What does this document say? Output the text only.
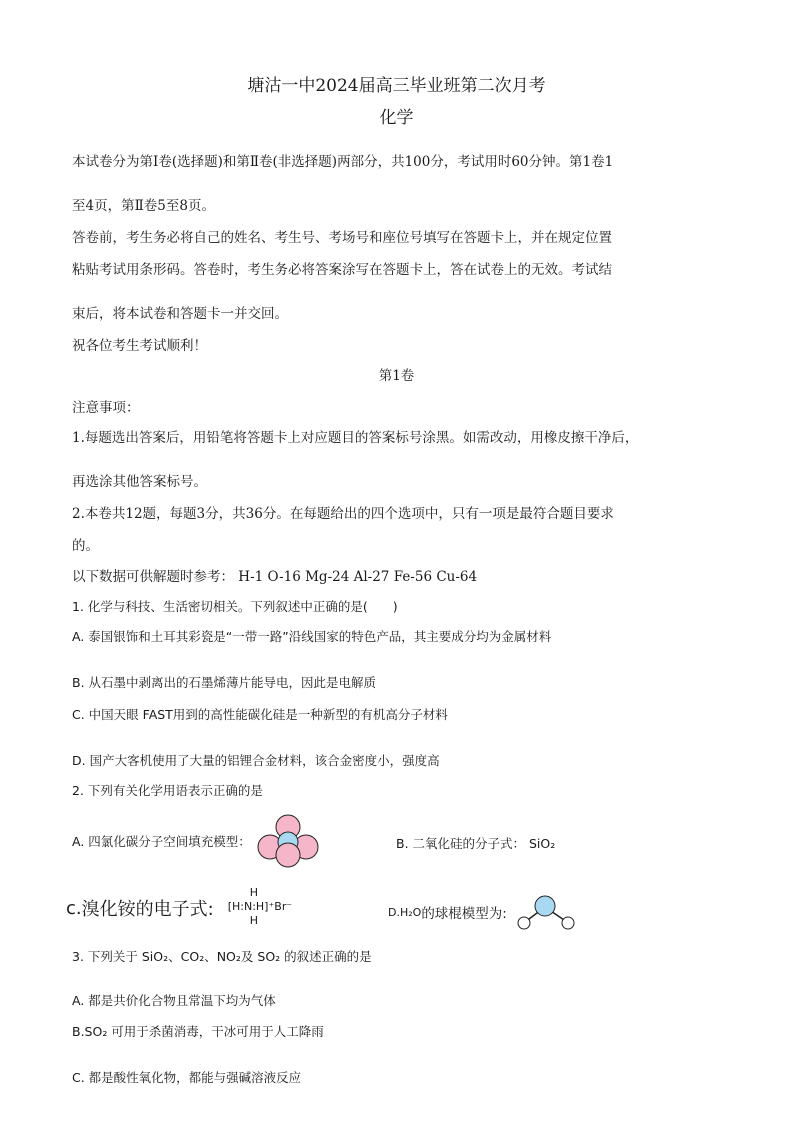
塘沽一中2024届高三毕业班第二次月考
化学
本试卷分为第Ⅰ卷(选择题)和第Ⅱ卷(非选择题)两部分，共100分，考试用时60分钟。第1卷1
至4页，第Ⅱ卷5至8页。
答卷前，考生务必将自己的姓名、考生号、考场号和座位号填写在答题卡上，并在规定位置
粘贴考试用条形码。答卷时，考生务必将答案涂写在答题卡上，答在试卷上的无效。考试结
束后，将本试卷和答题卡一并交回。
祝各位考生考试顺利！
第1卷
注意事项：
1.每题选出答案后，用铅笔将答题卡上对应题目的答案标号涂黑。如需改动，用橡皮擦干净后，
再选涂其他答案标号。
2.本卷共12题，每题3分，共36分。在每题给出的四个选项中，只有一项是最符合题目要求
的。
以下数据可供解题时参考： H-1 O-16 Mg-24 Al-27 Fe-56 Cu-64
1. 化学与科技、生活密切相关。下列叙述中正确的是(　　)
A. 泰国银饰和土耳其彩瓷是“一带一路”沿线国家的特色产品，其主要成分均为金属材料
B. 从石墨中剥离出的石墨烯薄片能导电，因此是电解质
C. 中国天眼 FAST用到的高性能碳化硅是一种新型的有机高分子材料
D. 国产大客机使用了大量的铝锂合金材料，该合金密度小，强度高
2. 下列有关化学用语表示正确的是
A. 四氯化碳分子空间填充模型：	B. 二氧化硅的分子式： SiO₂
c. 溴化铵的电子式:
H
[H:N:H]⁺Br⁻
H
D. H₂O 的球棍模型为:
3. 下列关于 SiO₂、CO₂、NO₂及 SO₂ 的叙述正确的是
A. 都是共价化合物且常温下均为气体
B.SO₂ 可用于杀菌消毒，干冰可用于人工降雨
C. 都是酸性氧化物，都能与强碱溶液反应
